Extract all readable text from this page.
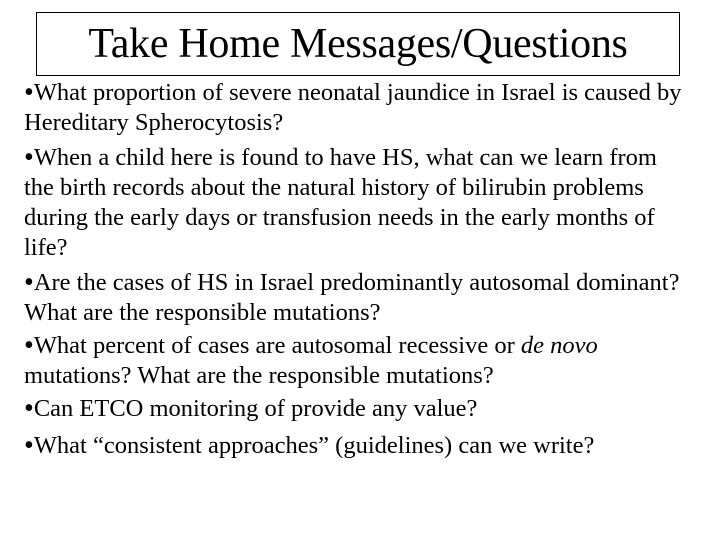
Take Home Messages/Questions
•What proportion of severe neonatal jaundice in Israel is caused by Hereditary Spherocytosis?
•When a child here is found to have HS, what can we learn from the birth records about the natural history of bilirubin problems during the early days or transfusion needs in the early months of life?
•Are the cases of HS in Israel predominantly autosomal dominant? What are the responsible mutations?
•What percent of cases are autosomal recessive or de novo mutations? What are the responsible mutations?
•Can ETCO monitoring of provide any value?
•What “consistent approaches” (guidelines) can we write?
